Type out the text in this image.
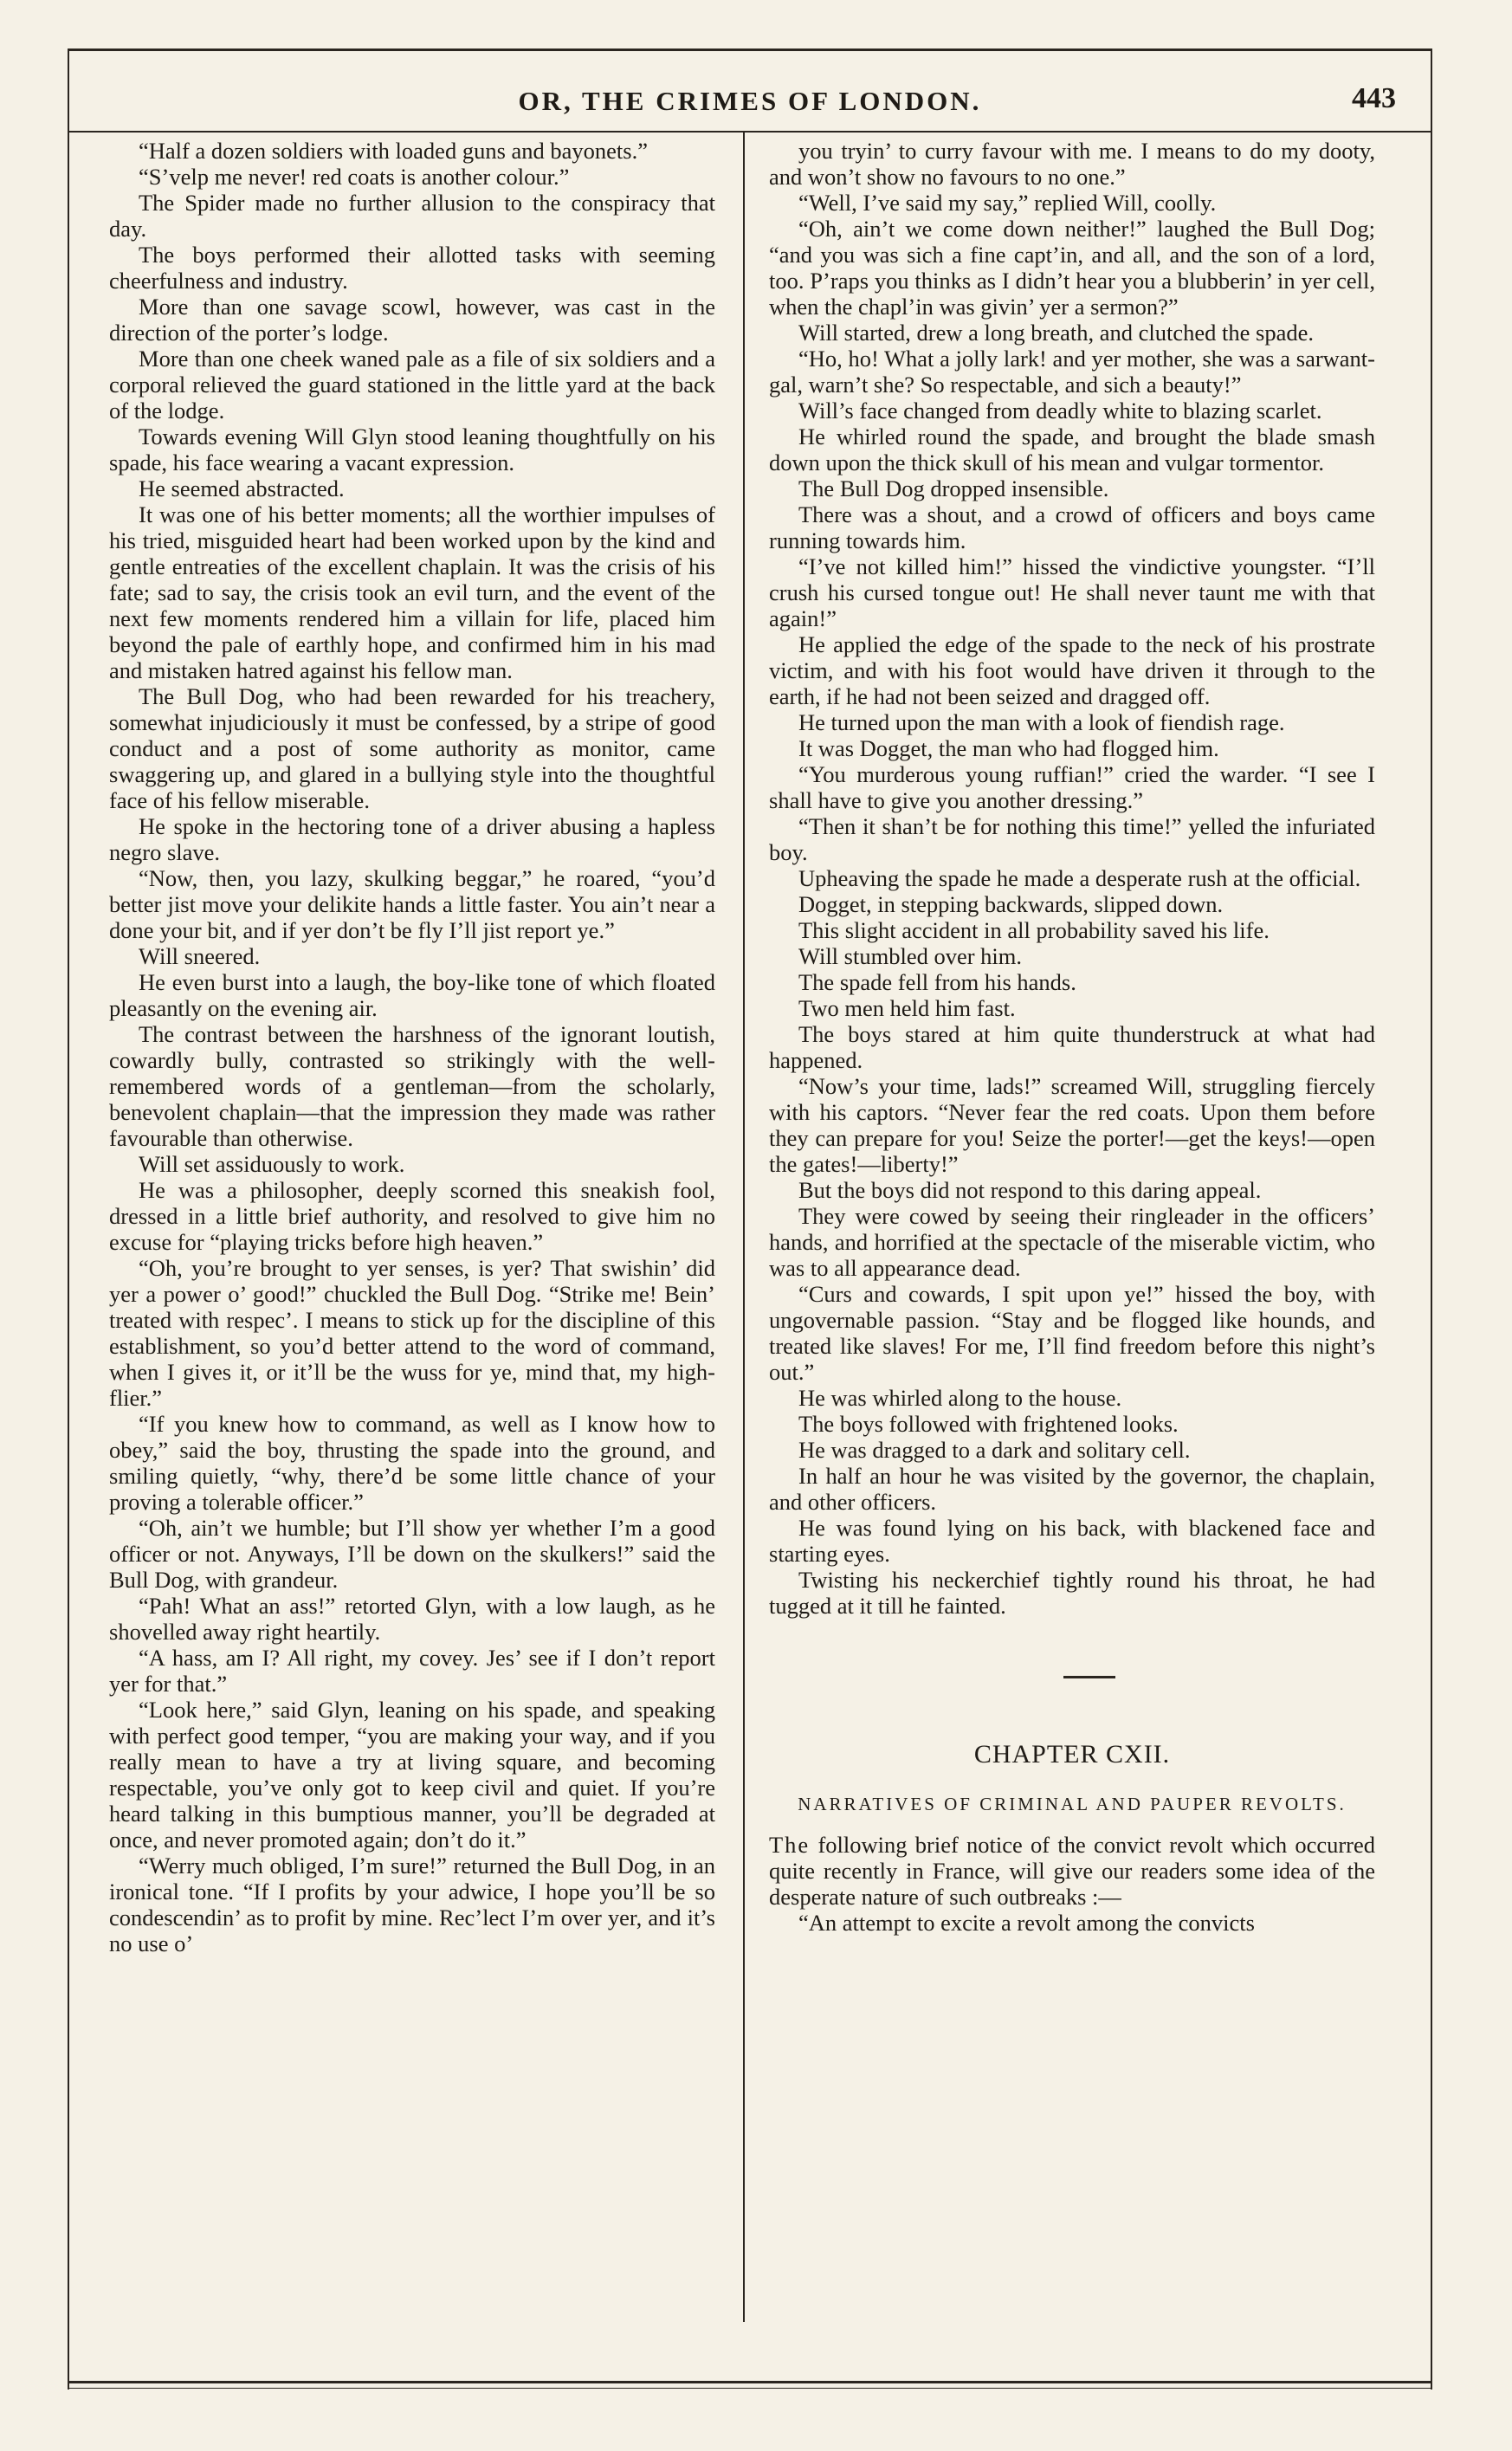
OR, THE CRIMES OF LONDON.	443

“Half a dozen soldiers with loaded guns and bayonets.”

“S’velp me never! red coats is another colour.”

The Spider made no further allusion to the conspiracy that day.

The boys performed their allotted tasks with seeming cheerfulness and industry.

More than one savage scowl, however, was cast in the direction of the porter’s lodge.

More than one cheek waned pale as a file of six soldiers and a corporal relieved the guard stationed in the little yard at the back of the lodge.

Towards evening Will Glyn stood leaning thoughtfully on his spade, his face wearing a vacant expression.

He seemed abstracted.

It was one of his better moments; all the worthier impulses of his tried, misguided heart had been worked upon by the kind and gentle entreaties of the excellent chaplain. It was the crisis of his fate; sad to say, the crisis took an evil turn, and the event of the next few moments rendered him a villain for life, placed him beyond the pale of earthly hope, and confirmed him in his mad and mistaken hatred against his fellow man.

The Bull Dog, who had been rewarded for his treachery, somewhat injudiciously it must be confessed, by a stripe of good conduct and a post of some authority as monitor, came swaggering up, and glared in a bullying style into the thoughtful face of his fellow miserable.

He spoke in the hectoring tone of a driver abusing a hapless negro slave.

“Now, then, you lazy, skulking beggar,” he roared, “you’d better jist move your delikite hands a little faster. You ain’t near a done your bit, and if yer don’t be fly I’ll jist report ye.”

Will sneered.

He even burst into a laugh, the boy-like tone of which floated pleasantly on the evening air.

The contrast between the harshness of the ignorant loutish, cowardly bully, contrasted so strikingly with the well-remembered words of a gentleman—from the scholarly, benevolent chaplain—that the impression they made was rather favourable than otherwise.

Will set assiduously to work.

He was a philosopher, deeply scorned this sneakish fool, dressed in a little brief authority, and resolved to give him no excuse for “playing tricks before high heaven.”

“Oh, you’re brought to yer senses, is yer? That swishin’ did yer a power o’ good!” chuckled the Bull Dog. “Strike me! Bein’ treated with respec’. I means to stick up for the discipline of this establishment, so you’d better attend to the word of command, when I gives it, or it’ll be the wuss for ye, mind that, my high-flier.”

“If you knew how to command, as well as I know how to obey,” said the boy, thrusting the spade into the ground, and smiling quietly, “why, there’d be some little chance of your proving a tolerable officer.”

“Oh, ain’t we humble; but I’ll show yer whether I’m a good officer or not. Anyways, I’ll be down on the skulkers!” said the Bull Dog, with grandeur.

“Pah! What an ass!” retorted Glyn, with a low laugh, as he shovelled away right heartily.

“A hass, am I? All right, my covey. Jes’ see if I don’t report yer for that.”

“Look here,” said Glyn, leaning on his spade, and speaking with perfect good temper, “you are making your way, and if you really mean to have a try at living square, and becoming respectable, you’ve only got to keep civil and quiet. If you’re heard talking in this bumptious manner, you’ll be degraded at once, and never promoted again; don’t do it.”

“Werry much obliged, I’m sure!” returned the Bull Dog, in an ironical tone. “If I profits by your adwice, I hope you’ll be so condescendin’ as to profit by mine. Rec’lect I’m over yer, and it’s no use o’

you tryin’ to curry favour with me. I means to do my dooty, and won’t show no favours to no one.”

“Well, I’ve said my say,” replied Will, coolly.

“Oh, ain’t we come down neither!” laughed the Bull Dog; “and you was sich a fine capt’in, and all, and the son of a lord, too. P’raps you thinks as I didn’t hear you a blubberin’ in yer cell, when the chapl’in was givin’ yer a sermon?”

Will started, drew a long breath, and clutched the spade.

“Ho, ho! What a jolly lark! and yer mother, she was a sarwant-gal, warn’t she? So respectable, and sich a beauty!”

Will’s face changed from deadly white to blazing scarlet.

He whirled round the spade, and brought the blade smash down upon the thick skull of his mean and vulgar tormentor.

The Bull Dog dropped insensible.

There was a shout, and a crowd of officers and boys came running towards him.

“I’ve not killed him!” hissed the vindictive youngster. “I’ll crush his cursed tongue out! He shall never taunt me with that again!”

He applied the edge of the spade to the neck of his prostrate victim, and with his foot would have driven it through to the earth, if he had not been seized and dragged off.

He turned upon the man with a look of fiendish rage.

It was Dogget, the man who had flogged him.

“You murderous young ruffian!” cried the warder. “I see I shall have to give you another dressing.”

“Then it shan’t be for nothing this time!” yelled the infuriated boy.

Upheaving the spade he made a desperate rush at the official.

Dogget, in stepping backwards, slipped down.

This slight accident in all probability saved his life.

Will stumbled over him.

The spade fell from his hands.

Two men held him fast.

The boys stared at him quite thunderstruck at what had happened.

“Now’s your time, lads!” screamed Will, struggling fiercely with his captors. “Never fear the red coats. Upon them before they can prepare for you! Seize the porter!—get the keys!—open the gates!—liberty!”

But the boys did not respond to this daring appeal.

They were cowed by seeing their ringleader in the officers’ hands, and horrified at the spectacle of the miserable victim, who was to all appearance dead.

“Curs and cowards, I spit upon ye!” hissed the boy, with ungovernable passion. “Stay and be flogged like hounds, and treated like slaves! For me, I’ll find freedom before this night’s out.”

He was whirled along to the house.

The boys followed with frightened looks.

He was dragged to a dark and solitary cell.

In half an hour he was visited by the governor, the chaplain, and other officers.

He was found lying on his back, with blackened face and starting eyes.

Twisting his neckerchief tightly round his throat, he had tugged at it till he fainted.

CHAPTER CXII.
NARRATIVES OF CRIMINAL AND PAUPER REVOLTS.

The following brief notice of the convict revolt which occurred quite recently in France, will give our readers some idea of the desperate nature of such outbreaks :—

“An attempt to excite a revolt among the convicts
